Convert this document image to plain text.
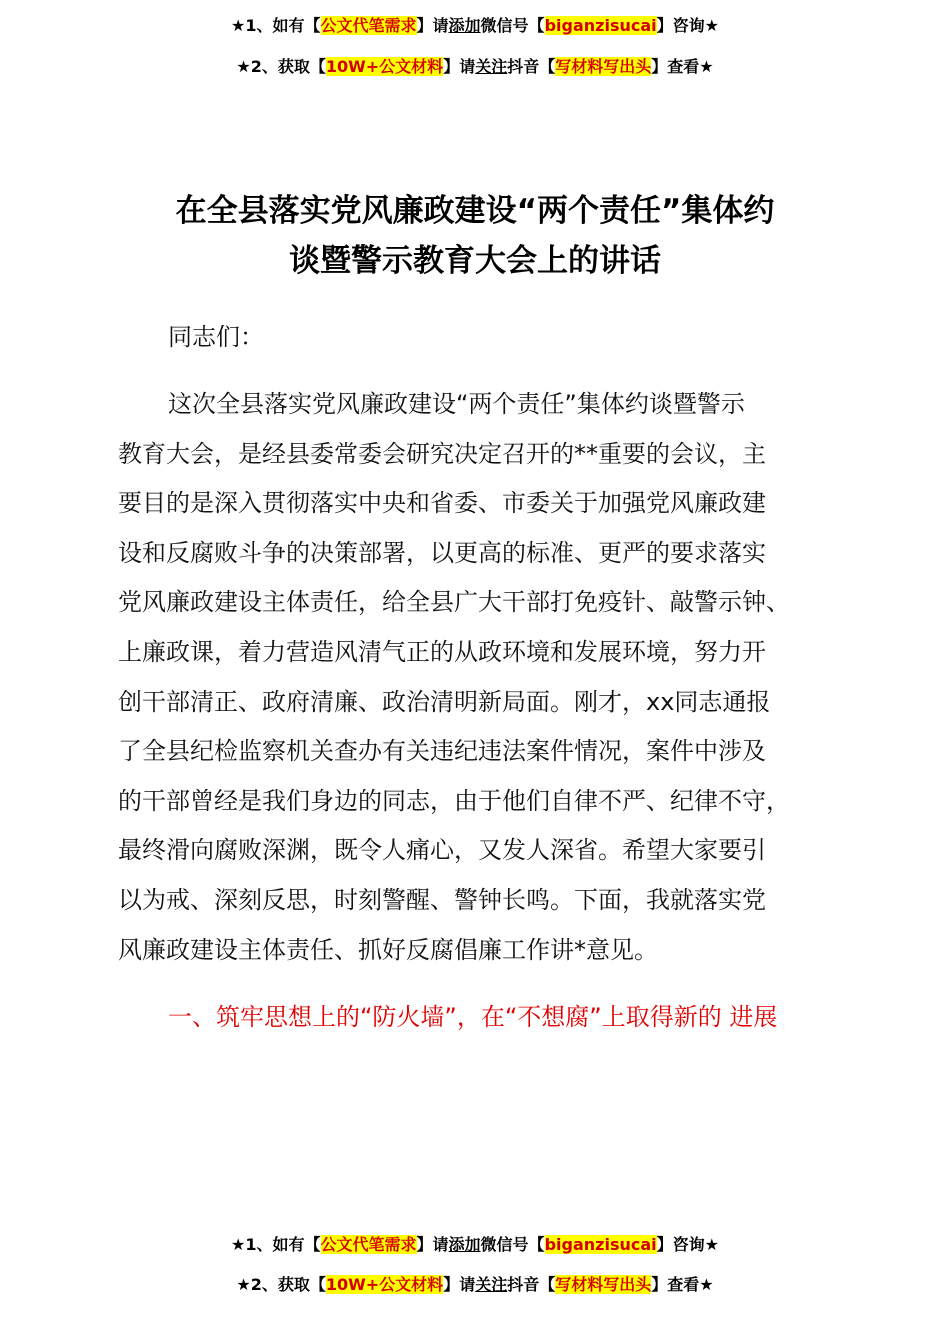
★1、如有【公文代笔需求】请添加微信号【biganzisucai】咨询★
★2、获取【10W+公文材料】请关注抖音【写材料写出头】查看★
在全县落实党风廉政建设“两个责任”集体约
谈暨警示教育大会上的讲话
同志们：
这次全县落实党风廉政建设“两个责任”集体约谈暨警示
教育大会，是经县委常委会研究决定召开的**重要的会议，主
要目的是深入贯彻落实中央和省委、市委关于加强党风廉政建
设和反腐败斗争的决策部署，以更高的标准、更严的要求落实
党风廉政建设主体责任，给全县广大干部打免疫针、敲警示钟、
上廉政课，着力营造风清气正的从政环境和发展环境，努力开
创干部清正、政府清廉、政治清明新局面。刚才，xx同志通报
了全县纪检监察机关查办有关违纪违法案件情况，案件中涉及
的干部曾经是我们身边的同志，由于他们自律不严、纪律不守，
最终滑向腐败深渊，既令人痛心，又发人深省。希望大家要引
以为戒、深刻反思，时刻警醒、警钟长鸣。下面，我就落实党
风廉政建设主体责任、抓好反腐倡廉工作讲*意见。
一、筑牢思想上的“防火墙”，在“不想腐”上取得新的 进展
★1、如有【公文代笔需求】请添加微信号【biganzisucai】咨询★
★2、获取【10W+公文材料】请关注抖音【写材料写出头】查看★
